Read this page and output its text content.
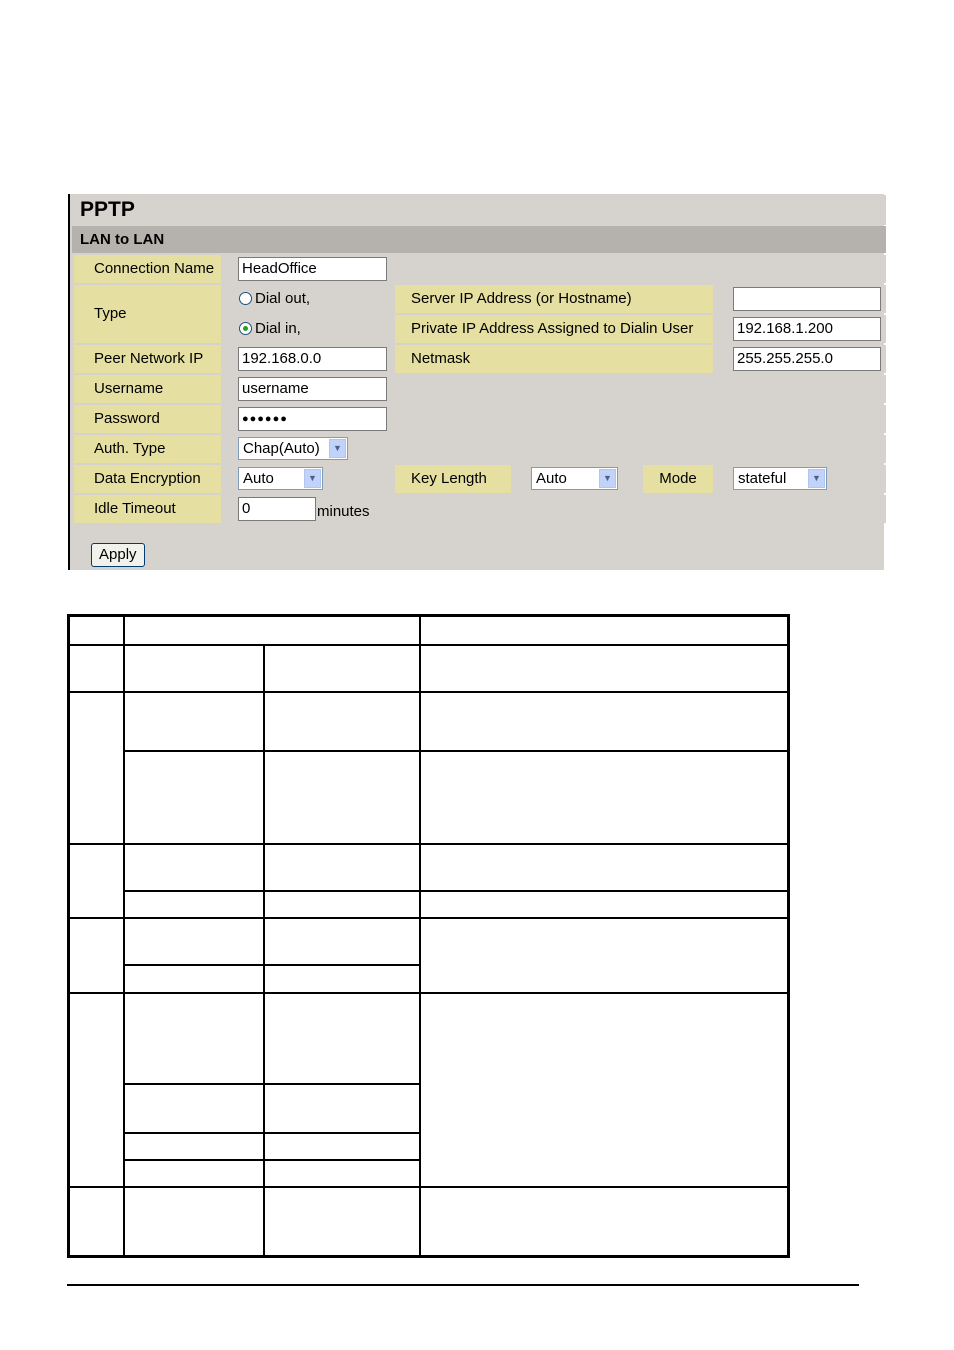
PPTP
LAN to LAN
Connection Name	HeadOffice
Type
Dial out,	Server IP Address (or Hostname)
Dial in,	Private IP Address Assigned to Dialin User	192.168.1.200
Peer Network IP	192.168.0.0	Netmask	255.255.255.0
Username	username
Password	●●●●●●
Auth. Type	Chap(Auto)	▼
Data Encryption	Auto	▼	Key Length	Auto	▼	Mode	stateful	▼
Idle Timeout	0	minutes
Apply
